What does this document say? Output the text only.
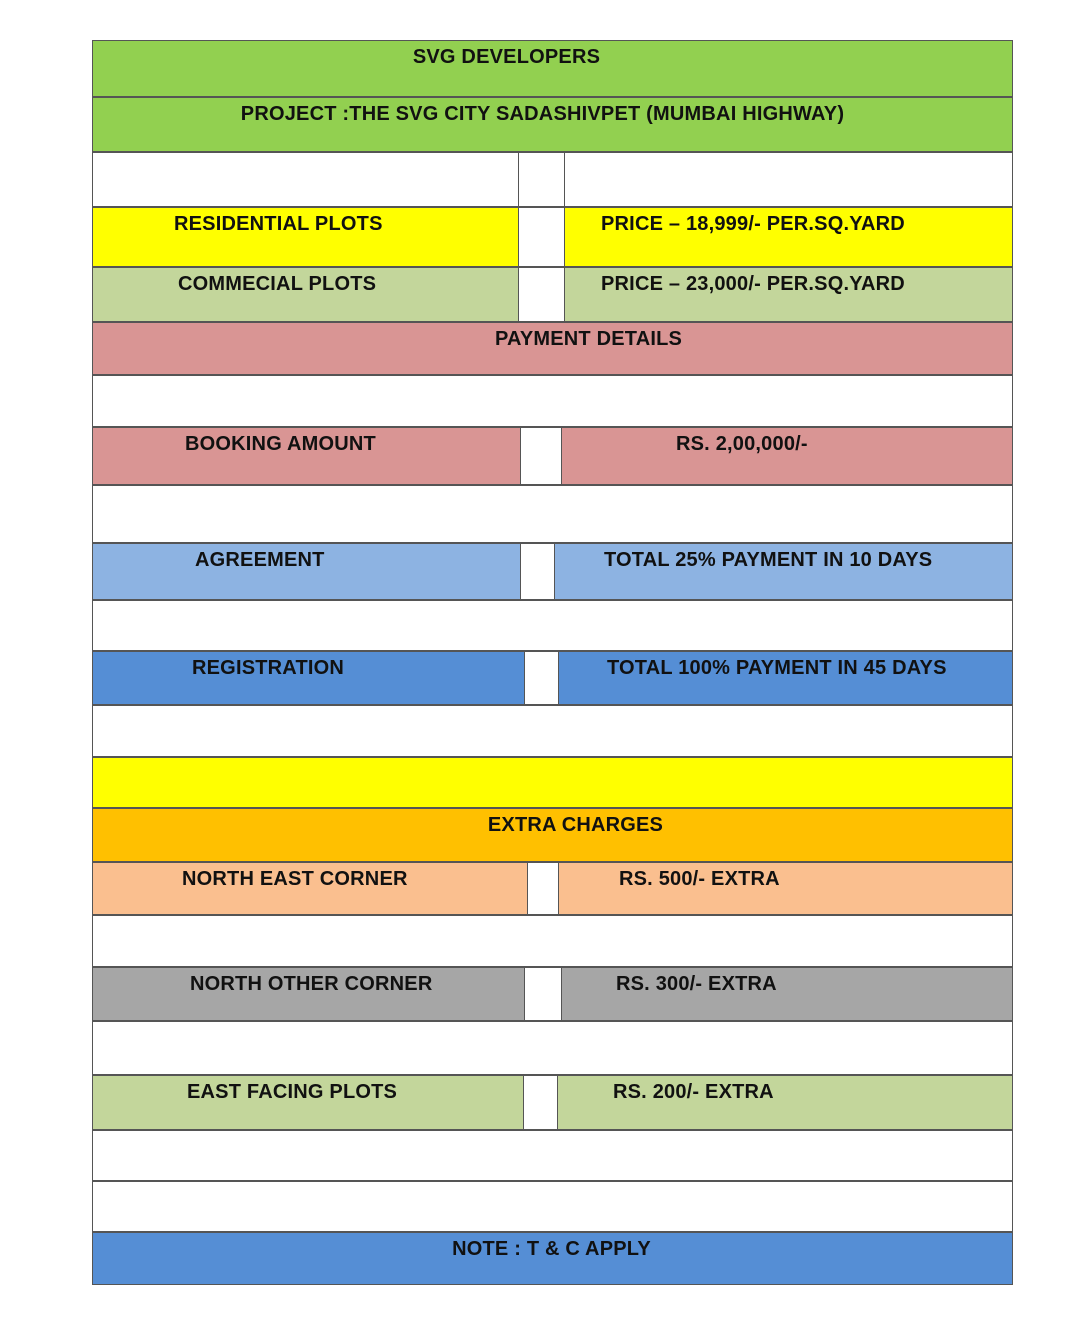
SVG DEVELOPERS
PROJECT :THE SVG CITY SADASHIVPET (MUMBAI HIGHWAY)
RESIDENTIAL PLOTS	PRICE – 18,999/- PER.SQ.YARD
COMMECIAL PLOTS	PRICE – 23,000/- PER.SQ.YARD
PAYMENT DETAILS
BOOKING AMOUNT	RS. 2,00,000/-
AGREEMENT	TOTAL 25% PAYMENT IN 10 DAYS
REGISTRATION	TOTAL 100% PAYMENT IN 45 DAYS
EXTRA CHARGES
NORTH EAST CORNER	RS. 500/- EXTRA
NORTH OTHER CORNER	RS. 300/- EXTRA
EAST FACING PLOTS	RS. 200/- EXTRA
NOTE : T & C APPLY
